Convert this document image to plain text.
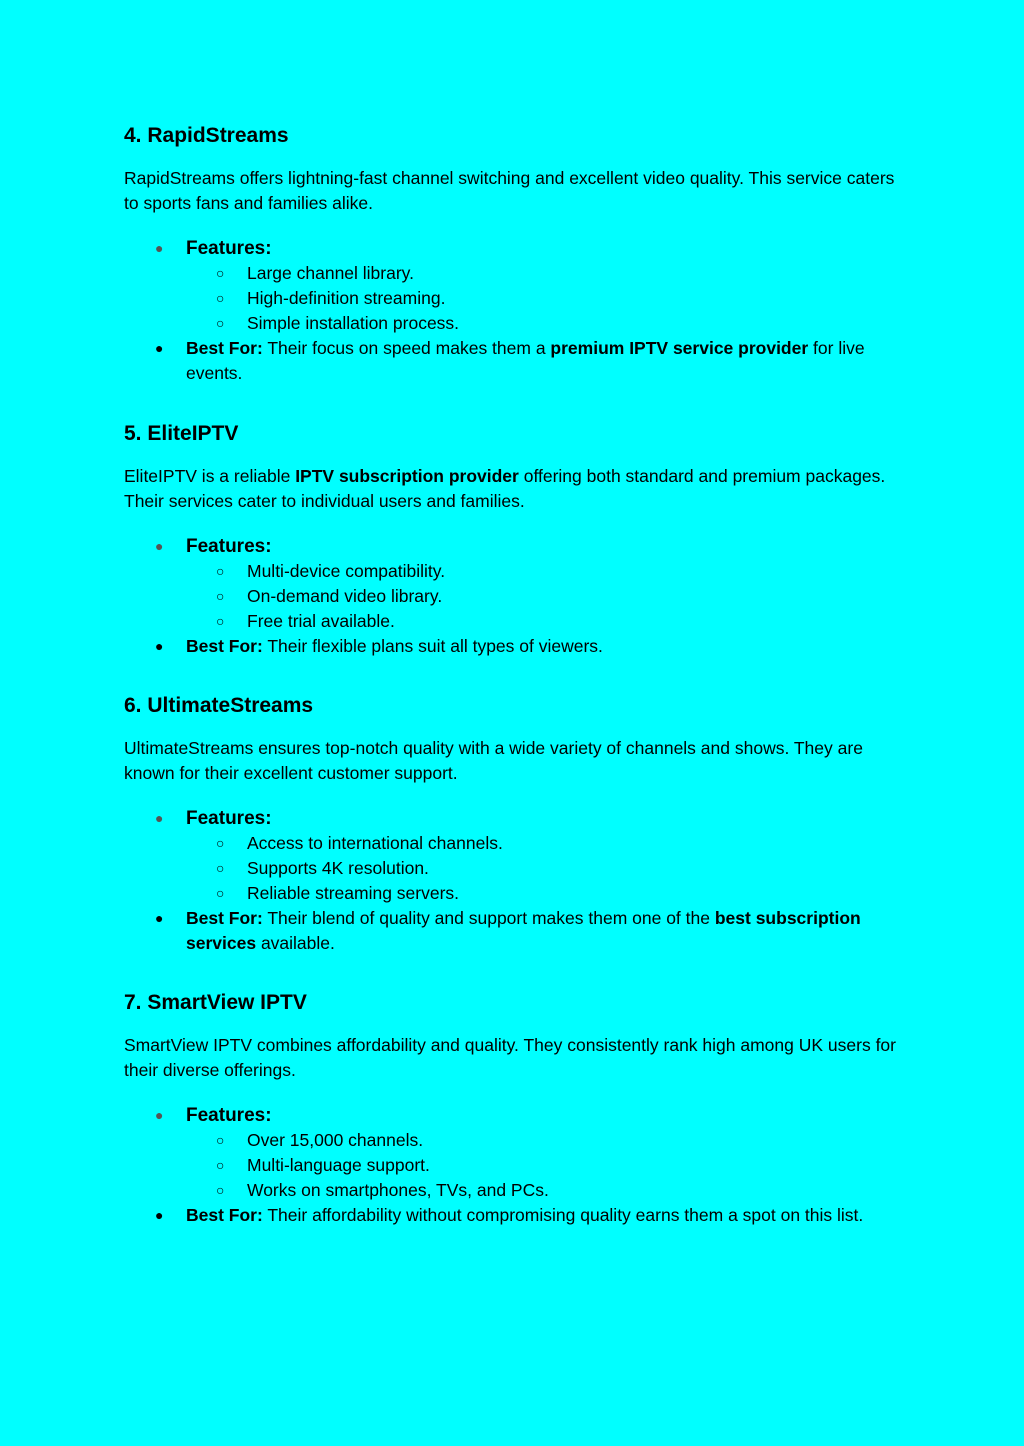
4. RapidStreams

RapidStreams offers lightning-fast channel switching and excellent video quality. This service caters to sports fans and families alike.

● Features:
○ Large channel library.
○ High-definition streaming.
○ Simple installation process.
● Best For: Their focus on speed makes them a premium IPTV service provider for live events.
5. EliteIPTV

EliteIPTV is a reliable IPTV subscription provider offering both standard and premium packages. Their services cater to individual users and families.

● Features:
○ Multi-device compatibility.
○ On-demand video library.
○ Free trial available.
● Best For: Their flexible plans suit all types of viewers.
6. UltimateStreams

UltimateStreams ensures top-notch quality with a wide variety of channels and shows. They are known for their excellent customer support.

● Features:
○ Access to international channels.
○ Supports 4K resolution.
○ Reliable streaming servers.
● Best For: Their blend of quality and support makes them one of the best subscription services available.
7. SmartView IPTV

SmartView IPTV combines affordability and quality. They consistently rank high among UK users for their diverse offerings.

● Features:
○ Over 15,000 channels.
○ Multi-language support.
○ Works on smartphones, TVs, and PCs.
● Best For: Their affordability without compromising quality earns them a spot on this list.
